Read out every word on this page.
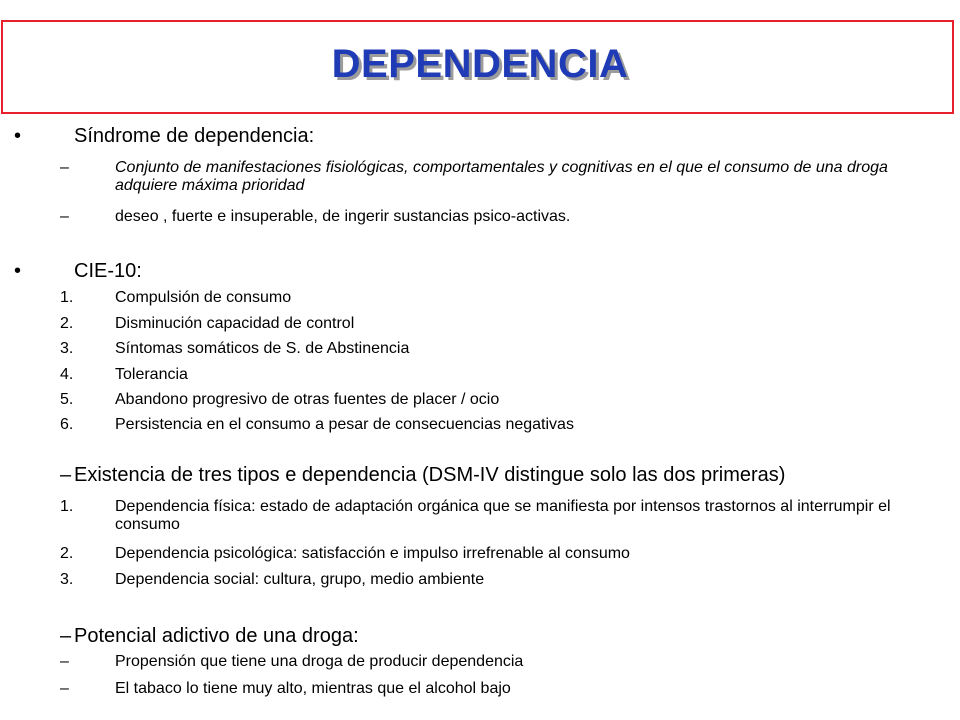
DEPENDENCIA
•	Síndrome de dependencia:
–	Conjunto de manifestaciones fisiológicas, comportamentales y cognitivas en el que el consumo de una droga adquiere máxima prioridad
–	deseo , fuerte e insuperable, de ingerir sustancias psico-activas.
•	CIE-10:
1.	Compulsión de consumo
2.	Disminución capacidad de control
3.	Síntomas somáticos de S. de Abstinencia
4.	Tolerancia
5.	Abandono progresivo de otras fuentes de placer / ocio
6.	Persistencia en el consumo a pesar de consecuencias negativas
– Existencia de tres tipos e dependencia (DSM-IV distingue solo las dos primeras)
1.	Dependencia física: estado de adaptación orgánica que se manifiesta por intensos trastornos al interrumpir el consumo
2.	Dependencia psicológica: satisfacción e impulso irrefrenable al consumo
3.	Dependencia social: cultura, grupo, medio ambiente
– Potencial adictivo de una droga:
–	Propensión que tiene una droga de producir dependencia
–	El tabaco lo tiene muy alto, mientras que el alcohol bajo
